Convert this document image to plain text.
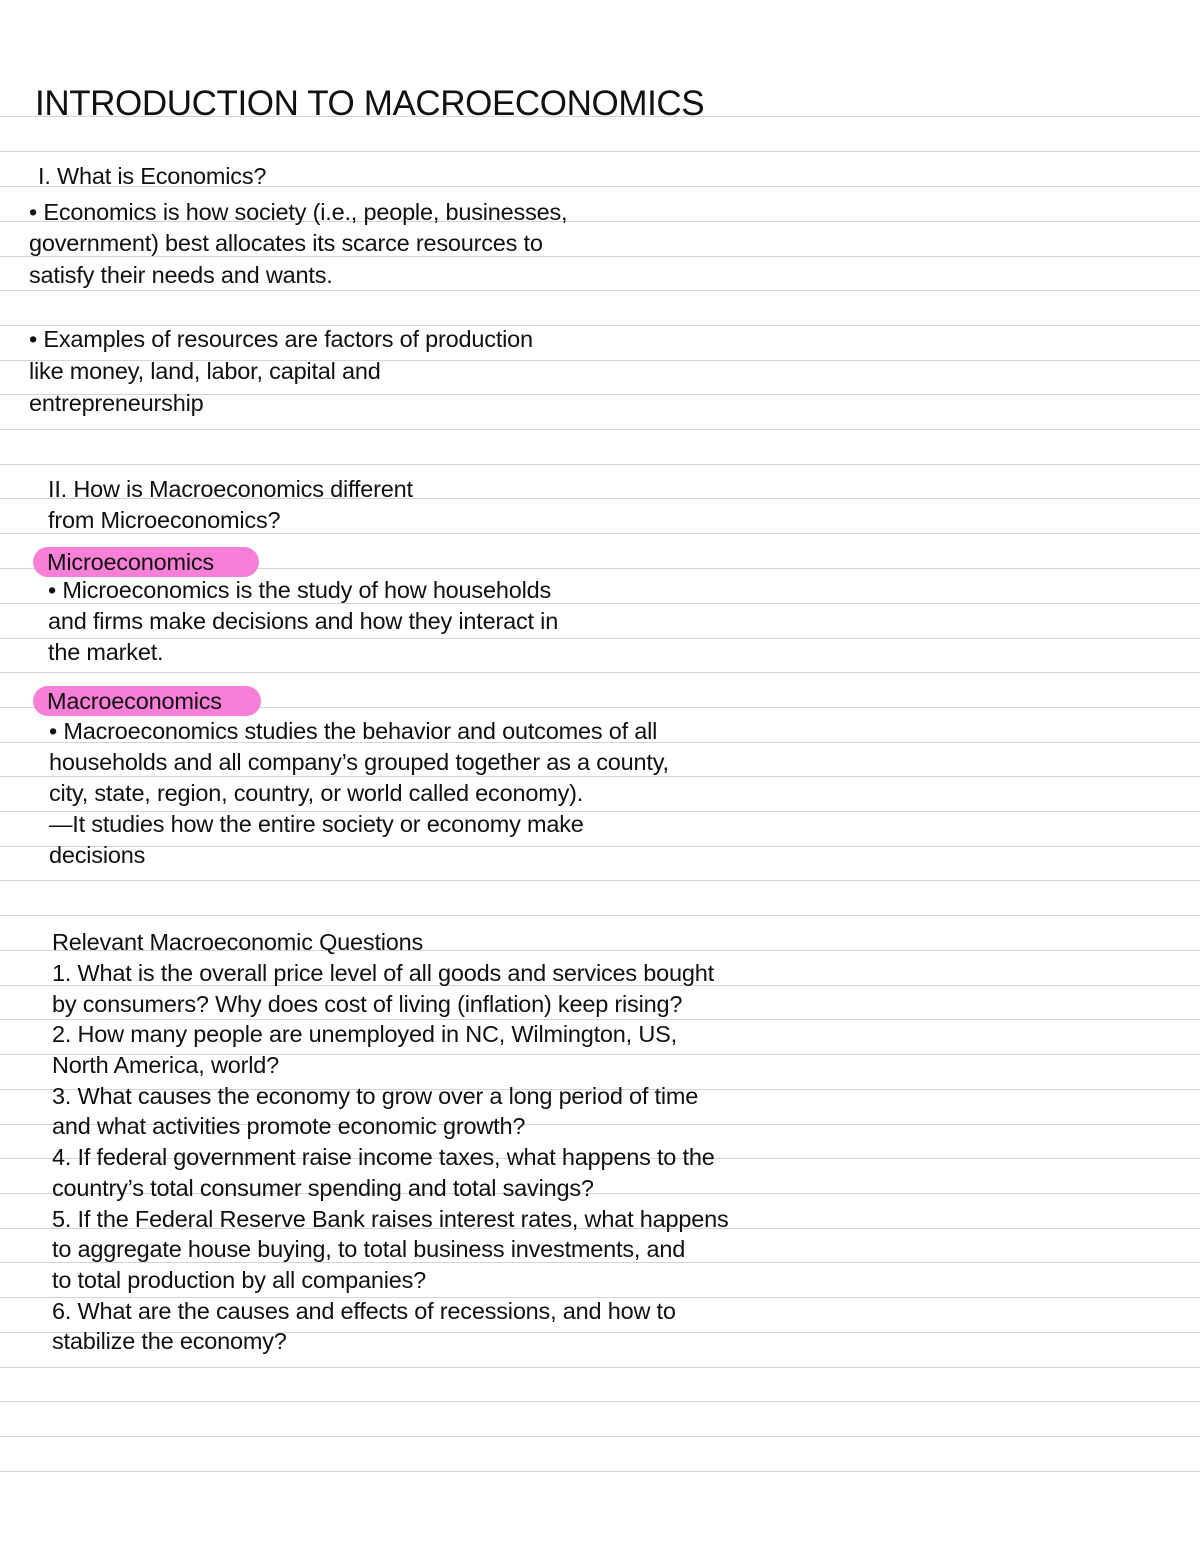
INTRODUCTION TO MACROECONOMICS

I. What is Economics?

• Economics is how society (i.e., people, businesses,

government) best allocates its scarce resources to

satisfy their needs and wants.

• Examples of resources are factors of production

like money, land, labor, capital and

entrepreneurship

II. How is Macroeconomics different

from Microeconomics?

Microeconomics

• Microeconomics is the study of how households

and firms make decisions and how they interact in

the market.

Macroeconomics

• Macroeconomics studies the behavior and outcomes of all

households and all company’s grouped together as a county,

city, state, region, country, or world called economy).

—It studies how the entire society or economy make

decisions

Relevant Macroeconomic Questions

1. What is the overall price level of all goods and services bought

by consumers? Why does cost of living (inflation) keep rising?

2. How many people are unemployed in NC, Wilmington, US,

North America, world?

3. What causes the economy to grow over a long period of time

and what activities promote economic growth?

4. If federal government raise income taxes, what happens to the

country’s total consumer spending and total savings?

5. If the Federal Reserve Bank raises interest rates, what happens

to aggregate house buying, to total business investments, and

to total production by all companies?

6. What are the causes and effects of recessions, and how to

stabilize the economy?
